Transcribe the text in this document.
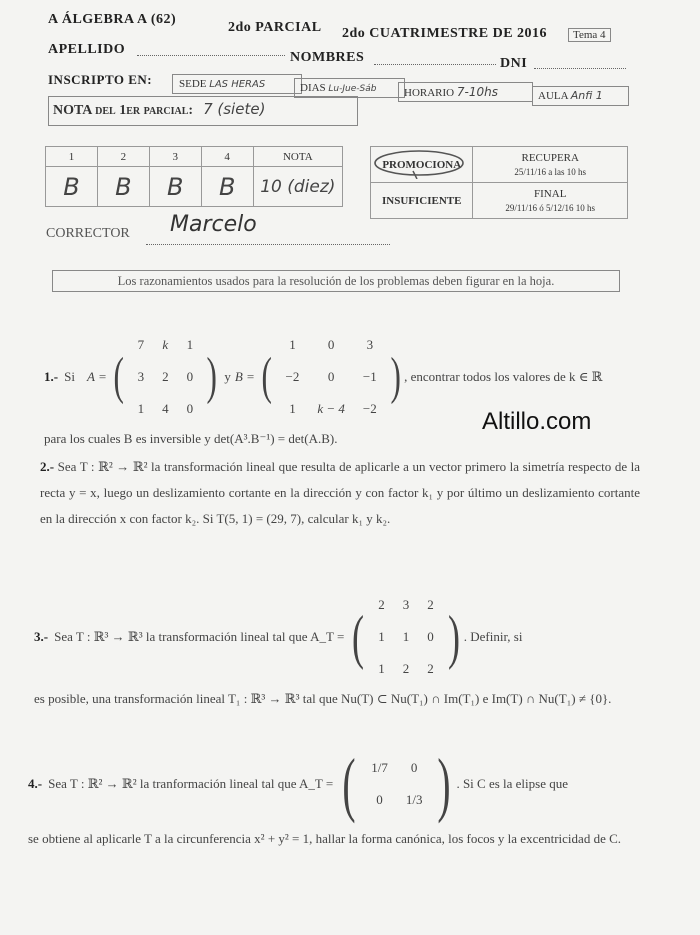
A ÁLGEBRA A (62)
2do PARCIAL 2do CUATRIMESTRE DE 2016	Tema 4
APELLIDO
NOMBRES	DNI
INSCRIPTO EN:	SEDE LAS HERAS	DIAS Lu-Jue-Sáb	HORARIO 7-10hs	AULA Anfi 1
NOTA del 1er parcial: 7 (siete)
1	2	3	4	NOTA
B	B	B	B	10 (diez)
PROMOCIONA	RECUPERA
25/11/16 a las 10 hs

INSUFICIENTE	FINAL
29/11/16 ó 5/12/16 10 hs
CORRECTOR Marcelo
Los razonamientos usados para la resolución de los problemas deben figurar en la hoja.
1.- Si A = (
7	k	1
3	2	0
1	4	0
) y B = (
1	0	3
−2	0	−1
1	k − 4	−2
) , encontrar todos los valores de k ∈ ℝ
para los cuales B es inversible y det(A³.B⁻¹) = det(A.B).
Altillo.com
2.- Sea T : ℝ² → ℝ² la transformación lineal que resulta de aplicarle a un vector primero la simetría respecto de la recta y = x, luego un deslizamiento cortante en la dirección y con factor k₁ y por último un deslizamiento cortante en la dirección x con factor k₂. Si T(5, 1) = (29, 7), calcular k₁ y k₂.
3.- Sea T : ℝ³ → ℝ³ la transformación lineal tal que A_T = ( 2	3	2
1	1	0
1	2	2 ) . Definir, si
es posible, una transformación lineal T₁ : ℝ³ → ℝ³ tal que Nu(T) ⊂ Nu(T₁) ∩ Im(T₁) e Im(T) ∩ Nu(T₁) ≠ {0}.
4.- Sea T : ℝ² → ℝ² la tranformación lineal tal que A_T = ( 1/7	0
0	1/3 ) . Si C es la elipse que
se obtiene al aplicarle T a la circunferencia x² + y² = 1, hallar la forma canónica, los focos y la excentricidad de C.
